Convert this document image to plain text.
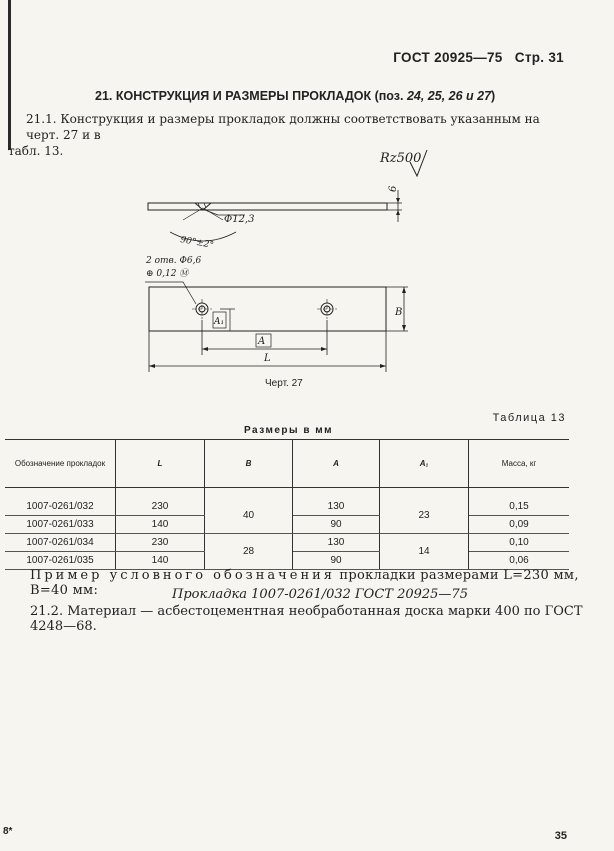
ГОСТ 20925—75 Стр. 31
21. КОНСТРУКЦИЯ И РАЗМЕРЫ ПРОКЛАДОК (поз. 24, 25, 26 и 27)
21.1. Конструкция и размеры прокладок должны соответствовать указанным на черт. 27 и в
табл. 13.	Rz500
6
Φ12,3
90°±2°
2 отв. Φ6,6
⊕ 0,12 Ⓜ
A
A₁
L
B
Черт. 27
Таблица 13
Размеры в мм
Обозначение прокладок	L	B	A	A₁	Масса, кг

1007-0261/032	230	40	130	23	0,15
1007-0261/033	140		90		0,09
1007-0261/034	230	28	130	14	0,10
1007-0261/035	140		90		0,06
Пример условного обозначения прокладки размерами L=230 мм, B=40 мм:	Прокладка 1007-0261/032 ГОСТ 20925—75
21.2. Материал — асбестоцементная необработанная доска марки 400 по ГОСТ 4248—68.
8*	35
